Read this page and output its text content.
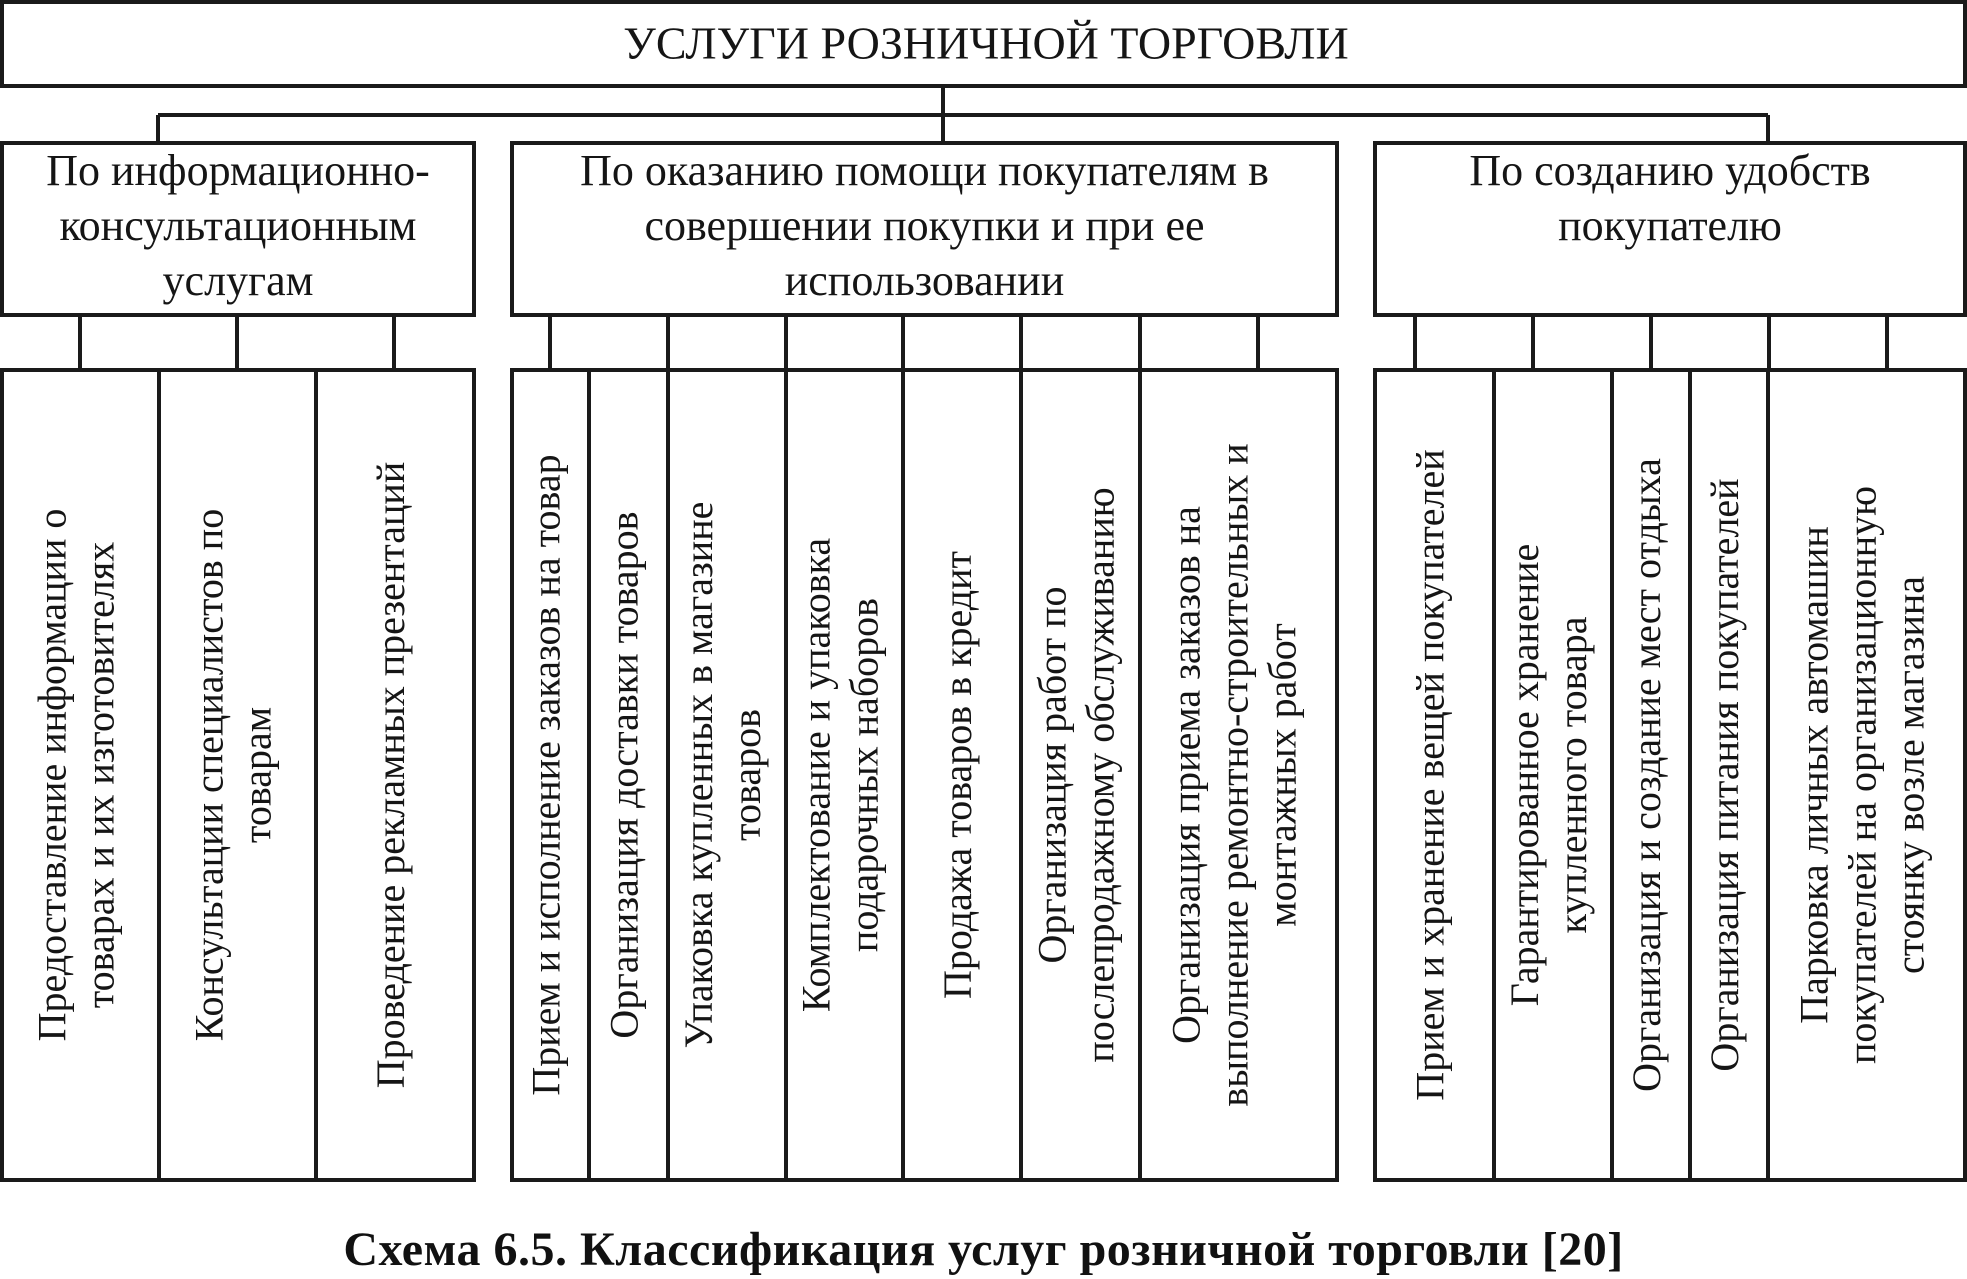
УСЛУГИ РОЗНИЧНОЙ ТОРГОВЛИ
По информационно-
консультационным
услугам
Предоставление информации о товарах и их изготовителях Консультации специалистов по товарам Проведение рекламных презентаций
По оказанию помощи покупателям в
совершении покупки и при ее
использовании
Прием и исполнение заказов на товар Организация доставки товаров Упаковка купленных в магазине товаров Комплектование и упаковка подарочных наборов Продажа товаров в кредит Организация работ по послепродажному обслуживанию Организация приема заказов на выполнение ремонтно-строительных и монтажных работ
По созданию удобств
покупателю
Прием и хранение вещей покупателей Гарантированное хранение купленного товара Организация и создание мест отдыха Организация питания покупателей Парковка личных автомашин покупателей на организационную стоянку возле магазина
Схема 6.5. Классификация услуг розничной торговли [20]
